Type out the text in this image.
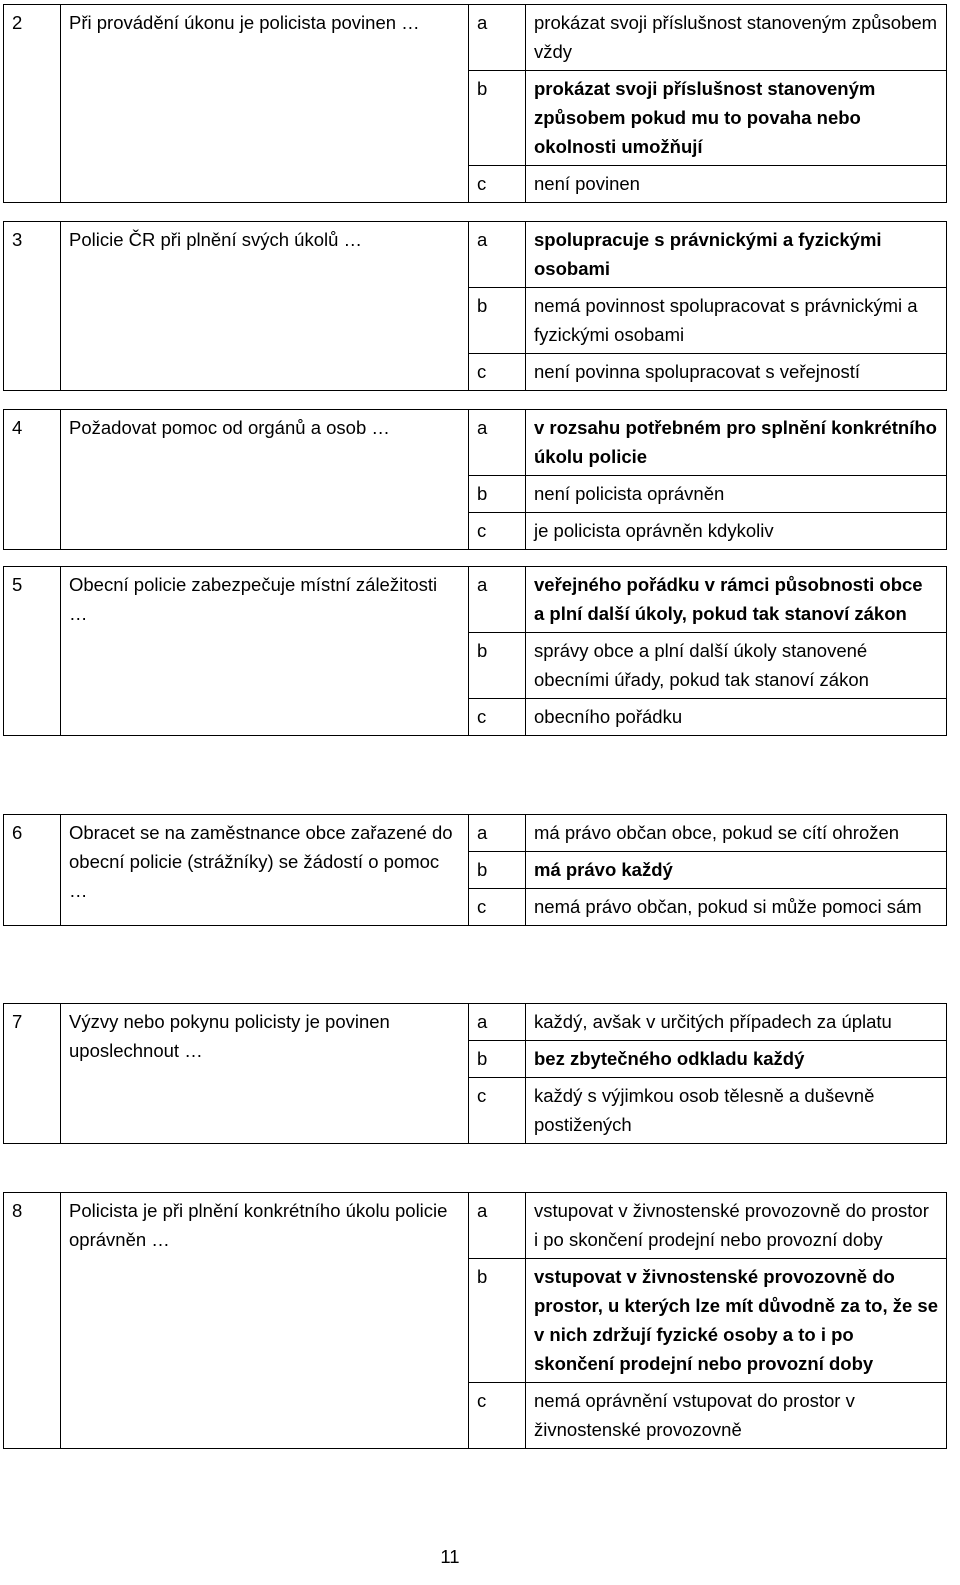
2	Při provádění úkonu je policista povinen …	a	prokázat svoji příslušnost stanoveným způsobem vždy
		b	prokázat svoji příslušnost stanoveným způsobem pokud mu to povaha nebo okolnosti umožňují
		c	není povinen
3	Policie ČR při plnění svých úkolů …	a	spolupracuje s právnickými a fyzickými osobami
		b	nemá povinnost spolupracovat s právnickými a fyzickými osobami
		c	není povinna spolupracovat s veřejností
4	Požadovat pomoc od orgánů a osob …	a	v rozsahu potřebném pro splnění konkrétního úkolu policie
		b	není policista oprávněn
		c	je policista oprávněn kdykoliv
5	Obecní policie zabezpečuje místní záležitosti …	a	veřejného pořádku v rámci působnosti obce a plní další úkoly, pokud tak stanoví zákon
		b	správy obce a plní další úkoly stanovené obecními úřady, pokud tak stanoví zákon
		c	obecního pořádku
6	Obracet se na zaměstnance obce zařazené do obecní policie (strážníky) se žádostí o pomoc …	a	má právo občan obce, pokud se cítí ohrožen
		b	má právo každý
		c	nemá právo občan, pokud si může pomoci sám
7	Výzvy nebo pokynu policisty je povinen uposlechnout …	a	každý, avšak v určitých případech za úplatu
		b	bez zbytečného odkladu každý
		c	každý s výjimkou osob tělesně a duševně postižených
8	Policista je při plnění konkrétního úkolu policie oprávněn …	a	vstupovat v živnostenské provozovně do prostor i po skončení prodejní nebo provozní doby
		b	vstupovat v živnostenské provozovně do prostor, u kterých lze mít důvodně za to, že se v nich zdržují fyzické osoby a to i po skončení prodejní nebo provozní doby
		c	nemá oprávnění vstupovat do prostor v živnostenské provozovně
11
